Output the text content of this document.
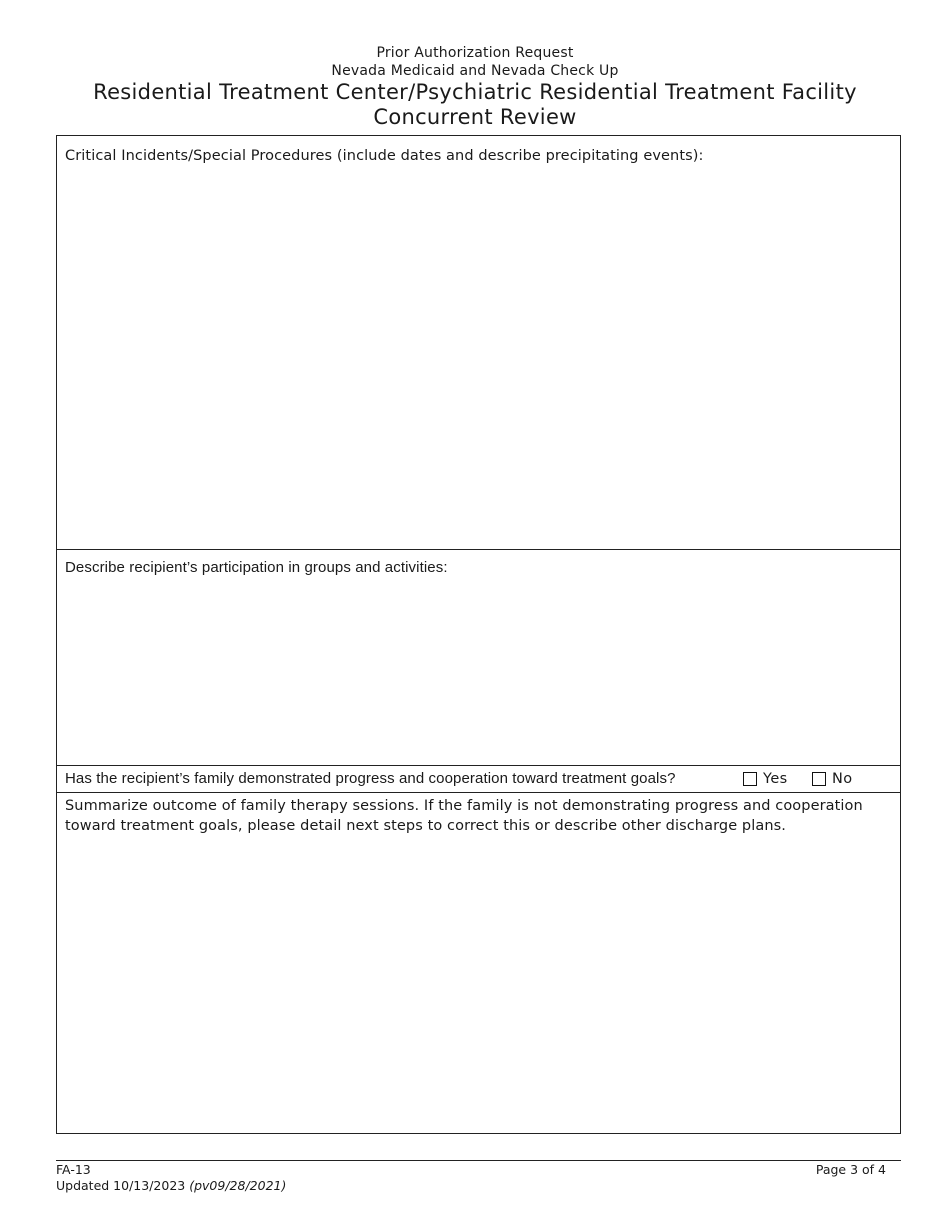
Prior Authorization Request
Nevada Medicaid and Nevada Check Up
Residential Treatment Center/Psychiatric Residential Treatment Facility
Concurrent Review
Critical Incidents/Special Procedures (include dates and describe precipitating events):
Describe recipient’s participation in groups and activities:
Has the recipient’s family demonstrated progress and cooperation toward treatment goals?	Yes	No
Summarize outcome of family therapy sessions. If the family is not demonstrating progress and cooperation toward treatment goals, please detail next steps to correct this or describe other discharge plans.
FA-13
Updated 10/13/2023 (pv09/28/2021)
Page 3 of 4
